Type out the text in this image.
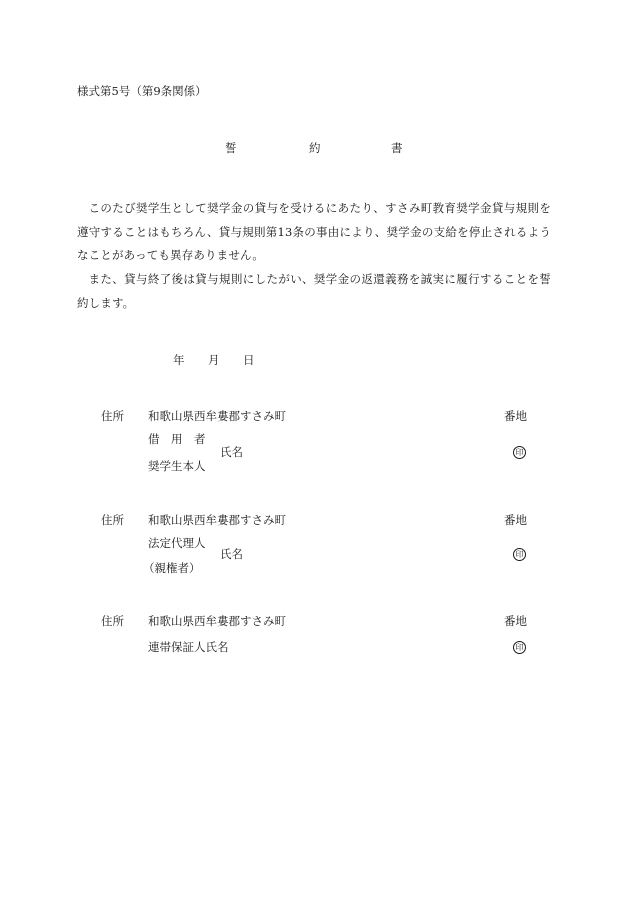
様式第5号（第9条関係）
誓	約	書

このたび奨学生として奨学金の貸与を受けるにあたり、すさみ町教育奨学金貸与規則を遵守することはもちろん、貸与規則第13条の事由により、奨学金の支給を停止されるようなことがあっても異存ありません。

また、貸与終了後は貸与規則にしたがい、奨学金の返還義務を誠実に履行することを誓約します。

年 月 日
住所 和歌山県西牟婁郡すさみ町	番地
借　用　者
氏名	印
奨学生本人
住所 和歌山県西牟婁郡すさみ町	番地
法定代理人
氏名	印
（親権者）
住所 和歌山県西牟婁郡すさみ町	番地
連帯保証人氏名	印
